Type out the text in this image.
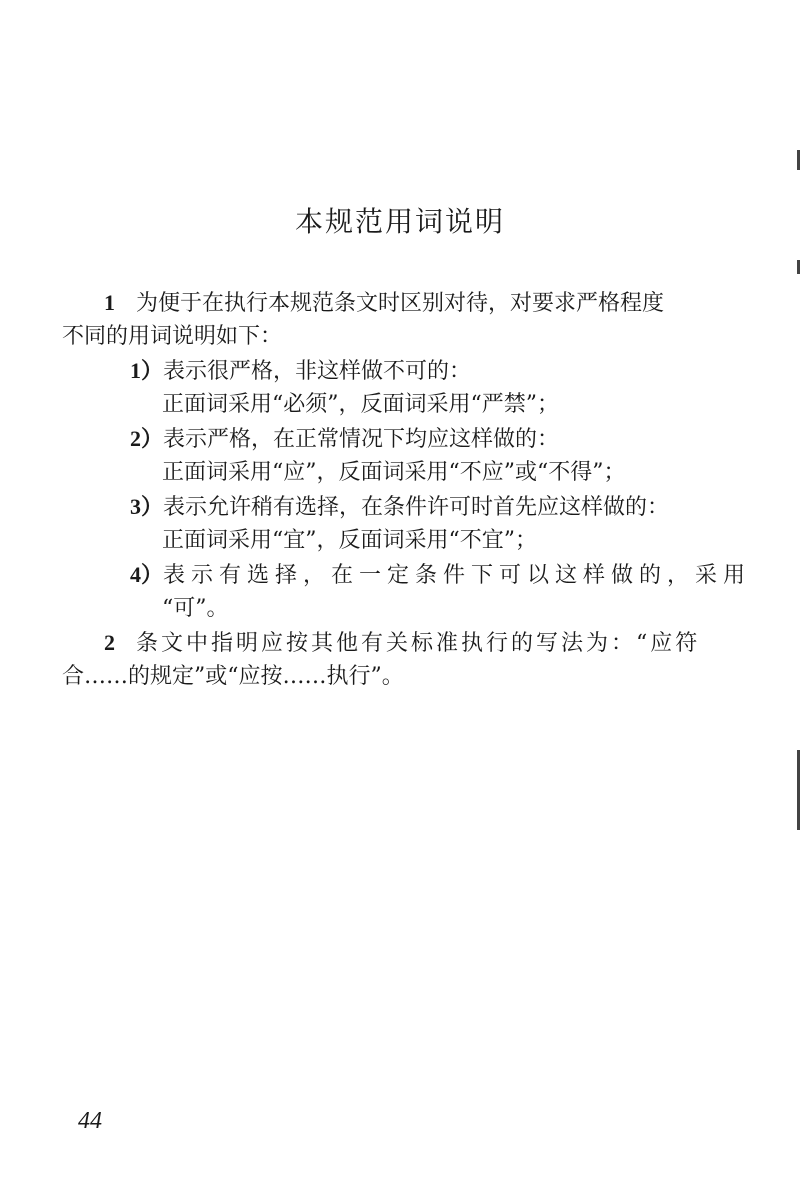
本规范用词说明
1 为便于在执行本规范条文时区别对待，对要求严格程度
不同的用词说明如下：
1）表示很严格，非这样做不可的：
正面词采用“必须”，反面词采用“严禁”；
2）表示严格，在正常情况下均应这样做的：
正面词采用“应”，反面词采用“不应”或“不得”；
3）表示允许稍有选择，在条件许可时首先应这样做的：
正面词采用“宜”，反面词采用“不宜”；
4）表示有选择，在一定条件下可以这样做的，采用
“可”。
2 条文中指明应按其他有关标准执行的写法为：“应符
合……的规定”或“应按……执行”。
44
